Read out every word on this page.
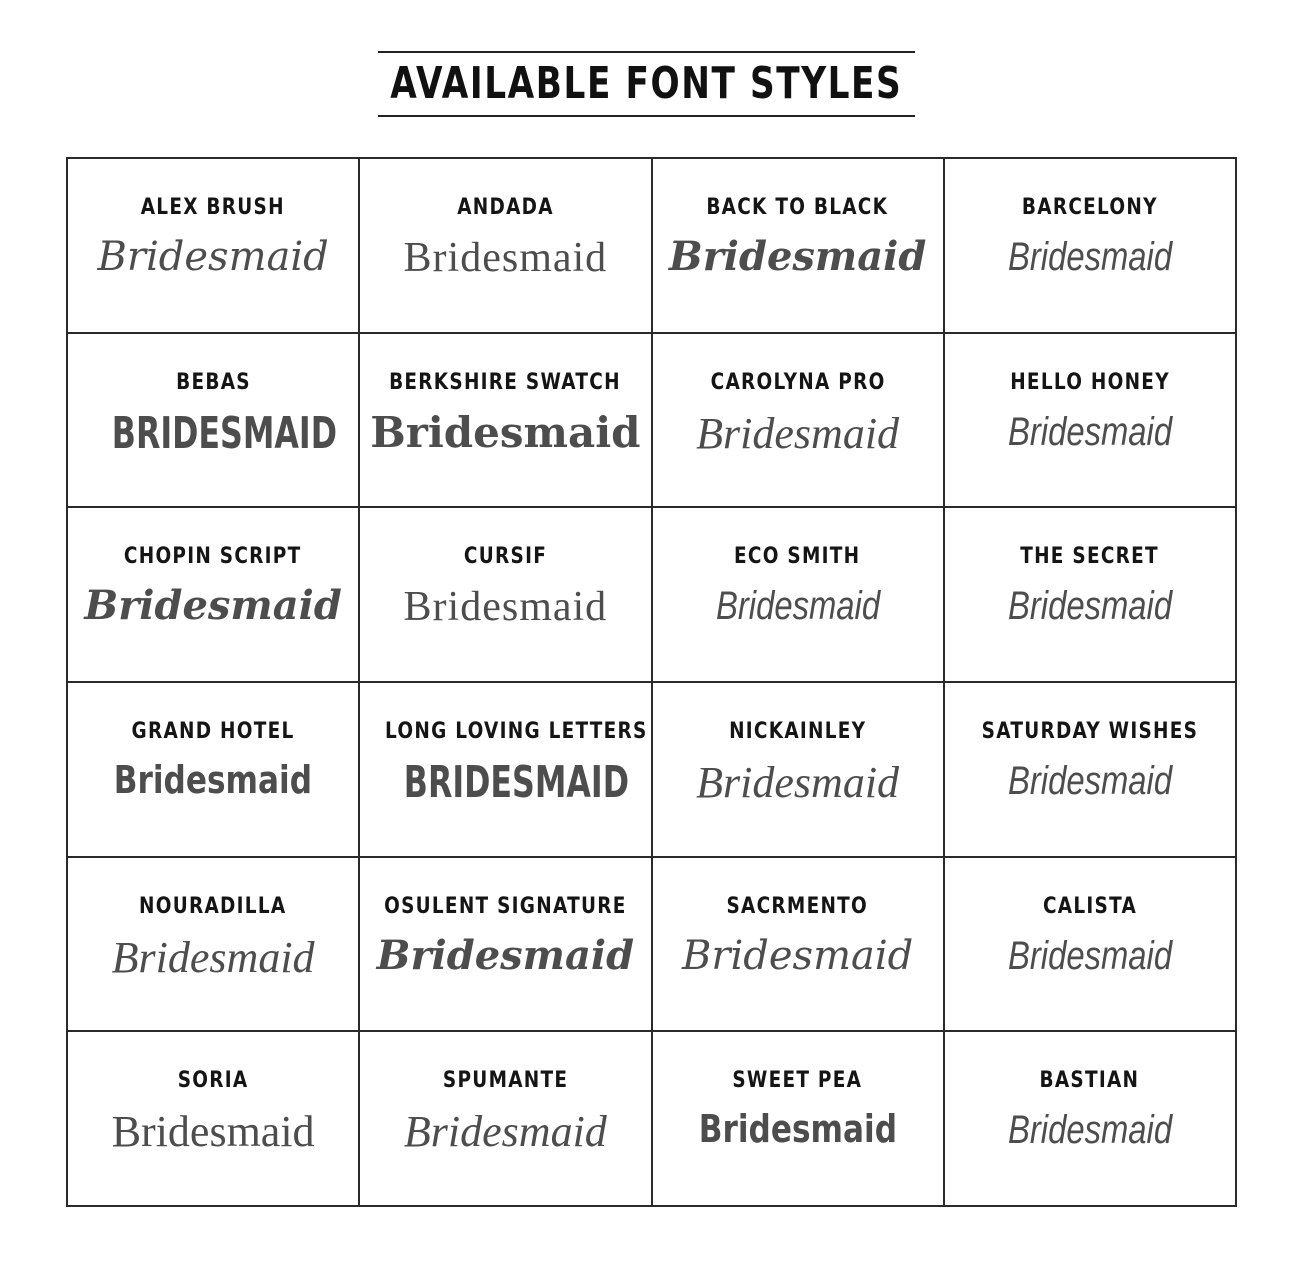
AVAILABLE FONT STYLES
ALEX BRUSH
Bridesmaid
ANDADA
Bridesmaid
BACK TO BLACK
Bridesmaid
BARCELONY
Bridesmaid
BEBAS
BRIDESMAID
BERKSHIRE SWATCH
Bridesmaid
CAROLYNA PRO
Bridesmaid
HELLO HONEY
Bridesmaid
CHOPIN SCRIPT
Bridesmaid
CURSIF
Bridesmaid
ECO SMITH
Bridesmaid
THE SECRET
Bridesmaid
GRAND HOTEL
Bridesmaid
LONG LOVING LETTERS
BRIDESMAID
NICKAINLEY
Bridesmaid
SATURDAY WISHES
Bridesmaid
NOURADILLA
Bridesmaid
OSULENT SIGNATURE
Bridesmaid
SACRMENTO
Bridesmaid
CALISTA
Bridesmaid
SORIA
Bridesmaid
SPUMANTE
Bridesmaid
SWEET PEA
Bridesmaid
BASTIAN
Bridesmaid
